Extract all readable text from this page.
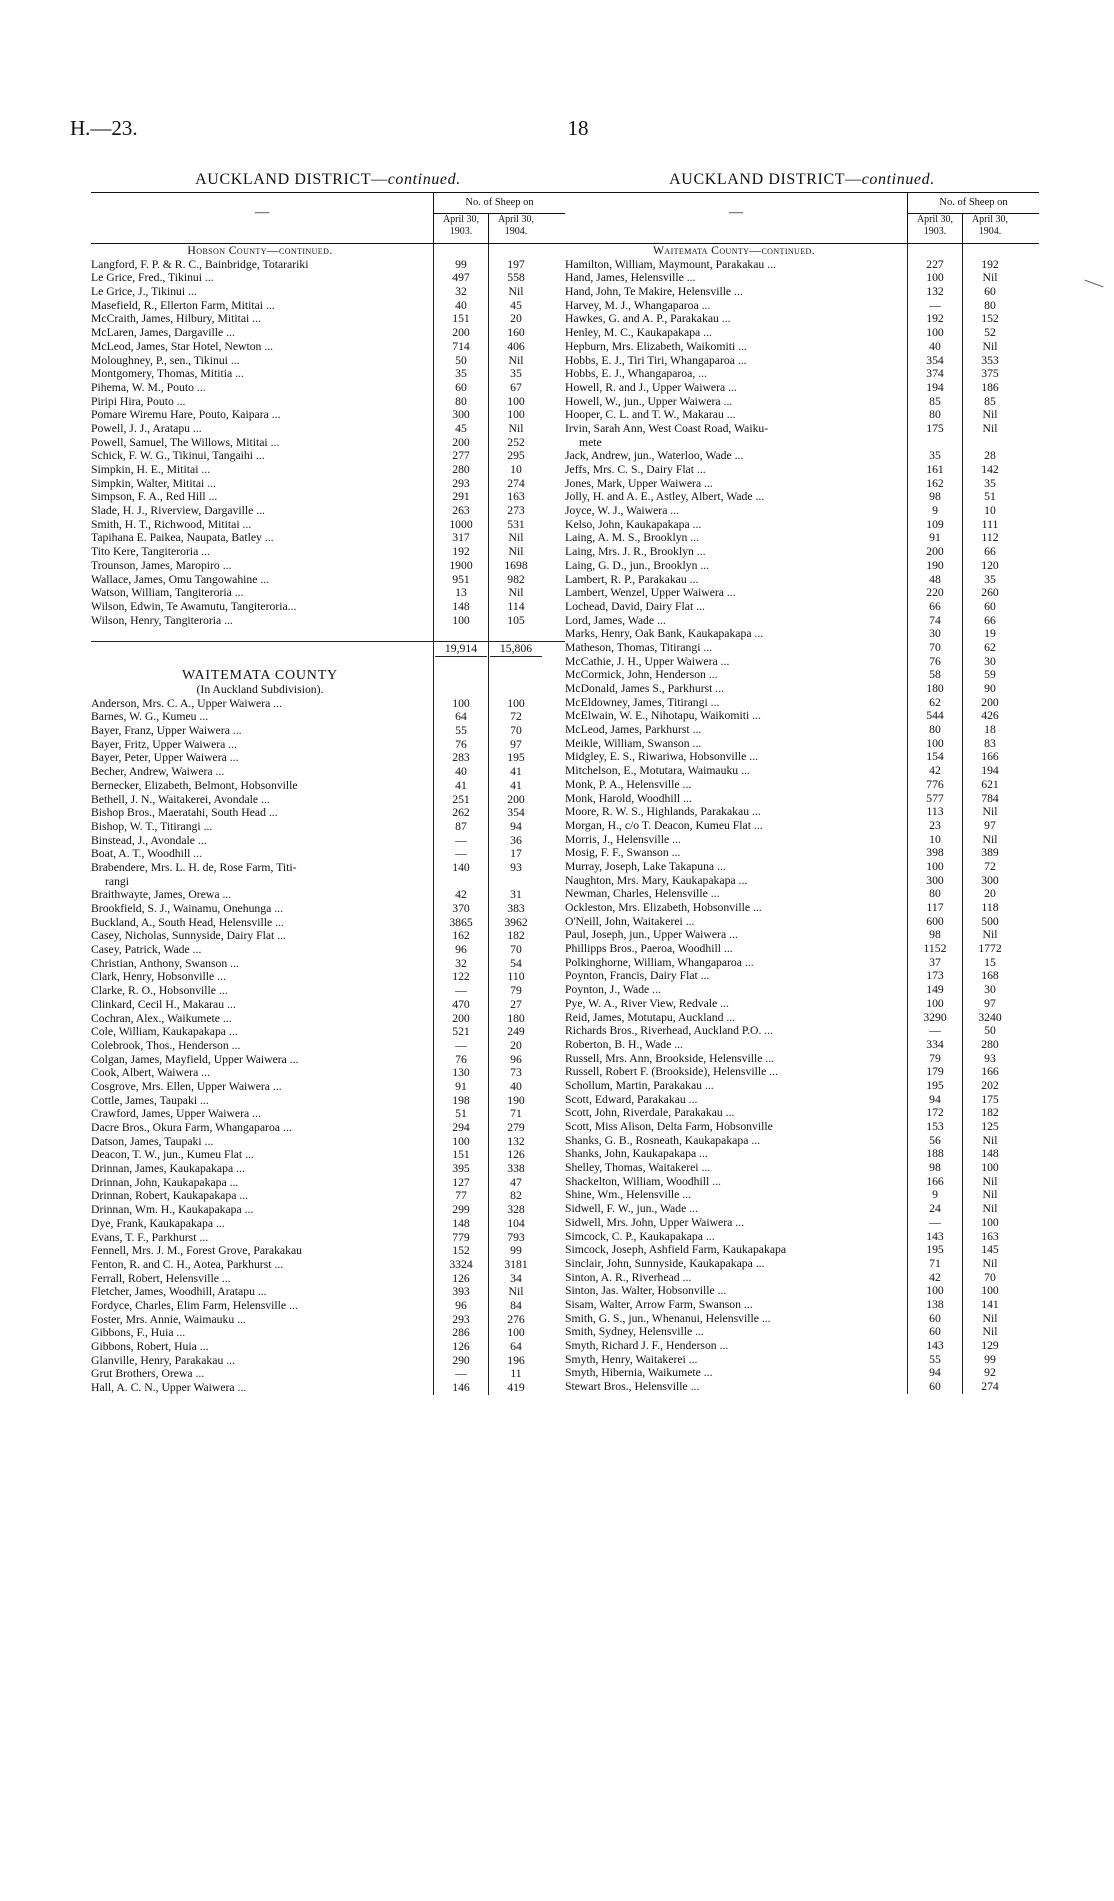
H.—23.	18
AUCKLAND DISTRICT—continued.
—
No. of Sheep on
April 30, 1903.
April 30, 1904.
Hobson County—continued.
Langford, F. P. & R. C., Bainbridge, Totarariki	99	197
Le Grice, Fred., Tikinui ...	497	558
Le Grice, J., Tikinui ...	32	Nil
Masefield, R., Ellerton Farm, Mititai ...	40	45
McCraith, James, Hilbury, Mititai ...	151	20
McLaren, James, Dargaville ...	200	160
McLeod, James, Star Hotel, Newton ...	714	406
Moloughney, P., sen., Tikinui ...	50	Nil
Montgomery, Thomas, Mititia ...	35	35
Pihema, W. M., Pouto ...	60	67
Piripi Hira, Pouto ...	80	100
Pomare Wiremu Hare, Pouto, Kaipara ...	300	100
Powell, J. J., Aratapu ...	45	Nil
Powell, Samuel, The Willows, Mititai ...	200	252
Schick, F. W. G., Tikinui, Tangaihi ...	277	295
Simpkin, H. E., Mititai ...	280	10
Simpkin, Walter, Mititai ...	293	274
Simpson, F. A., Red Hill ...	291	163
Slade, H. J., Riverview, Dargaville ...	263	273
Smith, H. T., Richwood, Mititai ...	1000	531
Tapihana E. Paikea, Naupata, Batley ...	317	Nil
Tito Kere, Tangiteroria ...	192	Nil
Trounson, James, Maropiro ...	1900	1698
Wallace, James, Omu Tangowahine ...	951	982
Watson, William, Tangiteroria ...	13	Nil
Wilson, Edwin, Te Awamutu, Tangiteroria...	148	114
Wilson, Henry, Tangiteroria ...	100	105
19,914	15,806
WAITEMATA COUNTY
(In Auckland Subdivision).
Anderson, Mrs. C. A., Upper Waiwera ...	100	100
Barnes, W. G., Kumeu ...	64	72
Bayer, Franz, Upper Waiwera ...	55	70
Bayer, Fritz, Upper Waiwera ...	76	97
Bayer, Peter, Upper Waiwera ...	283	195
Becher, Andrew, Waiwera ...	40	41
Bernecker, Elizabeth, Belmont, Hobsonville	41	41
Bethell, J. N., Waitakerei, Avondale ...	251	200
Bishop Bros., Maeratahi, South Head ...	262	354
Bishop, W. T., Titirangi ...	87	94
Binstead, J., Avondale ...	—	36
Boat, A. T., Woodhill ...	—	17
Brabendere, Mrs. L. H. de, Rose Farm, Titi-	140	93
rangi
Braithwayte, James, Orewa ...	42	31
Brookfield, S. J., Wainamu, Onehunga ...	370	383
Buckland, A., South Head, Helensville ...	3865	3962
Casey, Nicholas, Sunnyside, Dairy Flat ...	162	182
Casey, Patrick, Wade ...	96	70
Christian, Anthony, Swanson ...	32	54
Clark, Henry, Hobsonville ...	122	110
Clarke, R. O., Hobsonville ...	—	79
Clinkard, Cecil H., Makarau ...	470	27
Cochran, Alex., Waikumete ...	200	180
Cole, William, Kaukapakapa ...	521	249
Colebrook, Thos., Henderson ...	—	20
Colgan, James, Mayfield, Upper Waiwera ...	76	96
Cook, Albert, Waiwera ...	130	73
Cosgrove, Mrs. Ellen, Upper Waiwera ...	91	40
Cottle, James, Taupaki ...	198	190
Crawford, James, Upper Waiwera ...	51	71
Dacre Bros., Okura Farm, Whangaparoa ...	294	279
Datson, James, Taupaki ...	100	132
Deacon, T. W., jun., Kumeu Flat ...	151	126
Drinnan, James, Kaukapakapa ...	395	338
Drinnan, John, Kaukapakapa ...	127	47
Drinnan, Robert, Kaukapakapa ...	77	82
Drinnan, Wm. H., Kaukapakapa ...	299	328
Dye, Frank, Kaukapakapa ...	148	104
Evans, T. F., Parkhurst ...	779	793
Fennell, Mrs. J. M., Forest Grove, Parakakau	152	99
Fenton, R. and C. H., Aotea, Parkhurst ...	3324	3181
Ferrall, Robert, Helensville ...	126	34
Fletcher, James, Woodhill, Aratapu ...	393	Nil
Fordyce, Charles, Elim Farm, Helensville ...	96	84
Foster, Mrs. Annie, Waimauku ...	293	276
Gibbons, F., Huia ...	286	100
Gibbons, Robert, Huia ...	126	64
Glanville, Henry, Parakakau ...	290	196
Grut Brothers, Orewa ...	—	11
Hall, A. C. N., Upper Waiwera ...	146	419
AUCKLAND DISTRICT—continued.
—
No. of Sheep on
April 30, 1903.
April 30, 1904.
Waitemata County—continued.
Hamilton, William, Maymount, Parakakau ...	227	192
Hand, James, Helensville ...	100	Nil
Hand, John, Te Makire, Helensville ...	132	60
Harvey, M. J., Whangaparoa ...	—	80
Hawkes, G. and A. P., Parakakau ...	192	152
Henley, M. C., Kaukapakapa ...	100	52
Hepburn, Mrs. Elizabeth, Waikomiti ...	40	Nil
Hobbs, E. J., Tiri Tiri, Whangaparoa ...	354	353
Hobbs, E. J., Whangaparoa, ...	374	375
Howell, R. and J., Upper Waiwera ...	194	186
Howell, W., jun., Upper Waiwera ...	85	85
Hooper, C. L. and T. W., Makarau ...	80	Nil
Irvin, Sarah Ann, West Coast Road, Waiku-	175	Nil
mete
Jack, Andrew, jun., Waterloo, Wade ...	35	28
Jeffs, Mrs. C. S., Dairy Flat ...	161	142
Jones, Mark, Upper Waiwera ...	162	35
Jolly, H. and A. E., Astley, Albert, Wade ...	98	51
Joyce, W. J., Waiwera ...	9	10
Kelso, John, Kaukapakapa ...	109	111
Laing, A. M. S., Brooklyn ...	91	112
Laing, Mrs. J. R., Brooklyn ...	200	66
Laing, G. D., jun., Brooklyn ...	190	120
Lambert, R. P., Parakakau ...	48	35
Lambert, Wenzel, Upper Waiwera ...	220	260
Lochead, David, Dairy Flat ...	66	60
Lord, James, Wade ...	74	66
Marks, Henry, Oak Bank, Kaukapakapa ...	30	19
Matheson, Thomas, Titirangi ...	70	62
McCathie, J. H., Upper Waiwera ...	76	30
McCormick, John, Henderson ...	58	59
McDonald, James S., Parkhurst ...	180	90
McEldowney, James, Titirangi ...	62	200
McElwain, W. E., Nihotapu, Waikomiti ...	544	426
McLeod, James, Parkhurst ...	80	18
Meikle, William, Swanson ...	100	83
Midgley, E. S., Riwariwa, Hobsonville ...	154	166
Mitchelson, E., Motutara, Waimauku ...	42	194
Monk, P. A., Helensville ...	776	621
Monk, Harold, Woodhill ...	577	784
Moore, R. W. S., Highlands, Parakakau ...	113	Nil
Morgan, H., c/o T. Deacon, Kumeu Flat ...	23	97
Morris, J., Helensville ...	10	Nil
Mosig, F. F., Swanson ...	398	389
Murray, Joseph, Lake Takapuna ...	100	72
Naughton, Mrs. Mary, Kaukapakapa ...	300	300
Newman, Charles, Helensville ...	80	20
Ockleston, Mrs. Elizabeth, Hobsonville ...	117	118
O'Neill, John, Waitakerei ...	600	500
Paul, Joseph, jun., Upper Waiwera ...	98	Nil
Phillipps Bros., Paeroa, Woodhill ...	1152	1772
Polkinghorne, William, Whangaparoa ...	37	15
Poynton, Francis, Dairy Flat ...	173	168
Poynton, J., Wade ...	149	30
Pye, W. A., River View, Redvale ...	100	97
Reid, James, Motutapu, Auckland ...	3290	3240
Richards Bros., Riverhead, Auckland P.O. ...	—	50
Roberton, B. H., Wade ...	334	280
Russell, Mrs. Ann, Brookside, Helensville ...	79	93
Russell, Robert F. (Brookside), Helensville ...	179	166
Schollum, Martin, Parakakau ...	195	202
Scott, Edward, Parakakau ...	94	175
Scott, John, Riverdale, Parakakau ...	172	182
Scott, Miss Alison, Delta Farm, Hobsonville	153	125
Shanks, G. B., Rosneath, Kaukapakapa ...	56	Nil
Shanks, John, Kaukapakapa ...	188	148
Shelley, Thomas, Waitakerei ...	98	100
Shackelton, William, Woodhill ...	166	Nil
Shine, Wm., Helensville ...	9	Nil
Sidwell, F. W., jun., Wade ...	24	Nil
Sidwell, Mrs. John, Upper Waiwera ...	—	100
Simcock, C. P., Kaukapakapa ...	143	163
Simcock, Joseph, Ashfield Farm, Kaukapakapa	195	145
Sinclair, John, Sunnyside, Kaukapakapa ...	71	Nil
Sinton, A. R., Riverhead ...	42	70
Sinton, Jas. Walter, Hobsonville ...	100	100
Sisam, Walter, Arrow Farm, Swanson ...	138	141
Smith, G. S., jun., Whenanui, Helensville ...	60	Nil
Smith, Sydney, Helensville ...	60	Nil
Smyth, Richard J. F., Henderson ...	143	129
Smyth, Henry, Waitakerei ...	55	99
Smyth, Hibernia, Waikumete ...	94	92
Stewart Bros., Helensville ...	60	274
